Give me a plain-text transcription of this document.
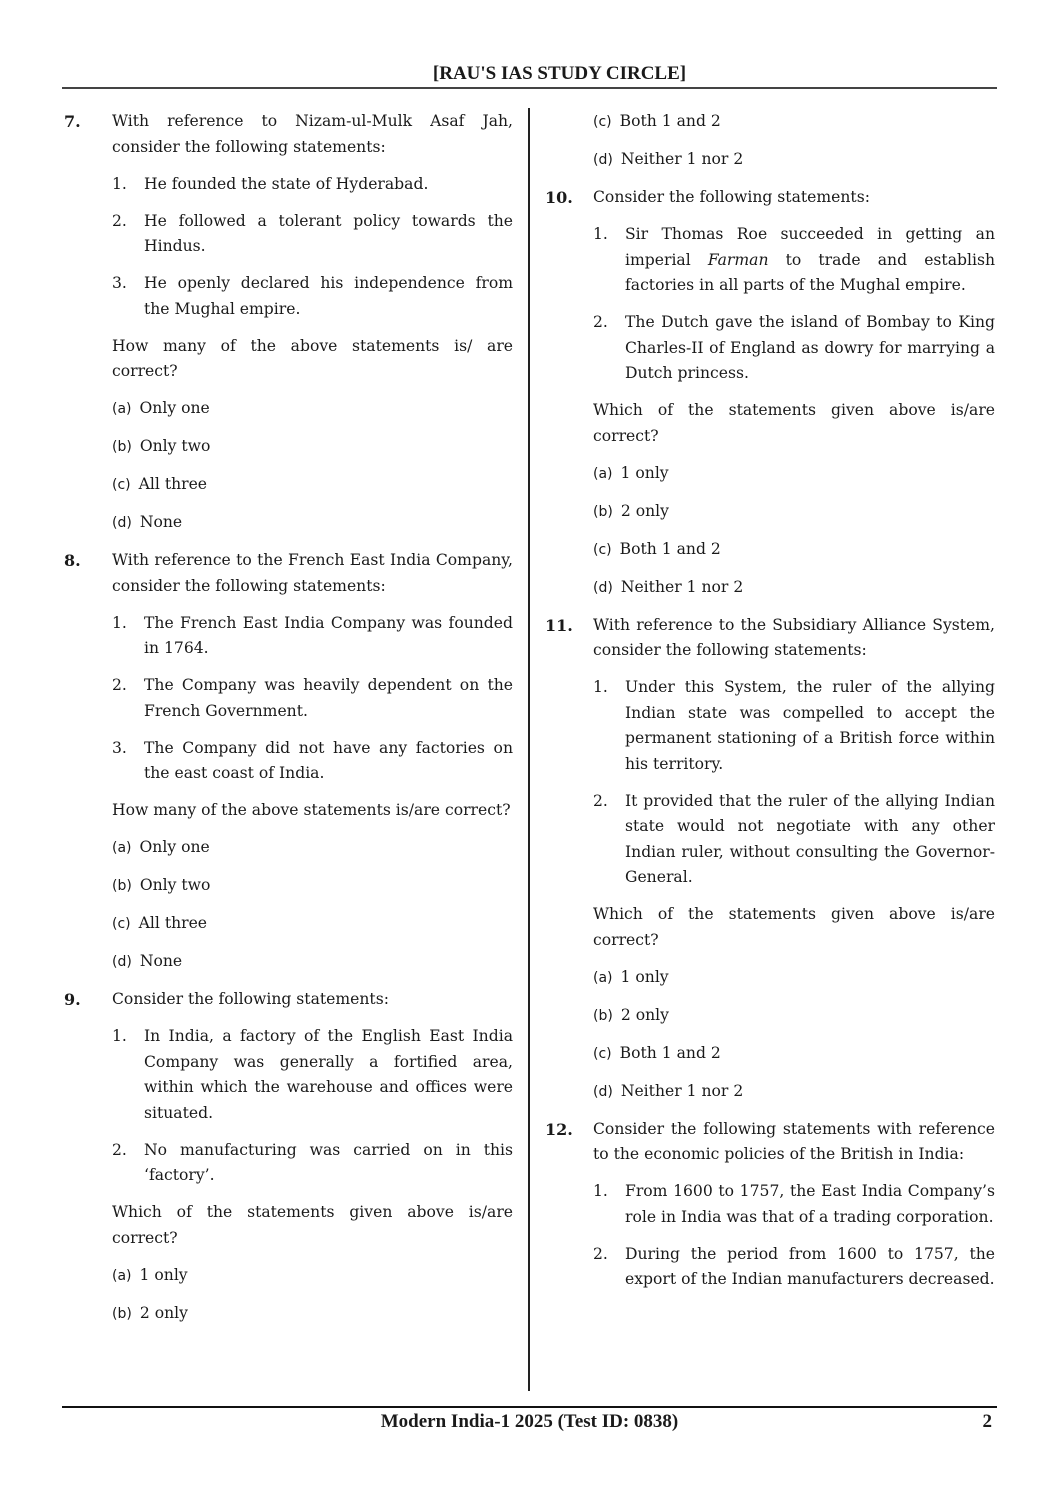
[RAU'S IAS STUDY CIRCLE]
7. With reference to Nizam-ul-Mulk Asaf Jah, consider the following statements:
1. He founded the state of Hyderabad.
2. He followed a tolerant policy towards the Hindus.
3. He openly declared his independence from the Mughal empire.
How many of the above statements is/ are correct?
(a) Only one
(b) Only two
(c) All three
(d) None
8. With reference to the French East India Company, consider the following statements:
1. The French East India Company was founded in 1764.
2. The Company was heavily dependent on the French Government.
3. The Company did not have any factories on the east coast of India.
How many of the above statements is/are correct?
(a) Only one
(b) Only two
(c) All three
(d) None
9. Consider the following statements:
1. In India, a factory of the English East India Company was generally a fortified area, within which the warehouse and offices were situated.
2. No manufacturing was carried on in this ‘factory’.
Which of the statements given above is/are correct?
(a) 1 only
(b) 2 only
(c) Both 1 and 2
(d) Neither 1 nor 2
10. Consider the following statements:
1. Sir Thomas Roe succeeded in getting an imperial Farman to trade and establish factories in all parts of the Mughal empire.
2. The Dutch gave the island of Bombay to King Charles-II of England as dowry for marrying a Dutch princess.
Which of the statements given above is/are correct?
(a) 1 only
(b) 2 only
(c) Both 1 and 2
(d) Neither 1 nor 2
11. With reference to the Subsidiary Alliance System, consider the following statements:
1. Under this System, the ruler of the allying Indian state was compelled to accept the permanent stationing of a British force within his territory.
2. It provided that the ruler of the allying Indian state would not negotiate with any other Indian ruler, without consulting the Governor-General.
Which of the statements given above is/are correct?
(a) 1 only
(b) 2 only
(c) Both 1 and 2
(d) Neither 1 nor 2
12. Consider the following statements with reference to the economic policies of the British in India:
1. From 1600 to 1757, the East India Company’s role in India was that of a trading corporation.
2. During the period from 1600 to 1757, the export of the Indian manufacturers decreased.
Modern India-1 2025 (Test ID: 0838)	2
